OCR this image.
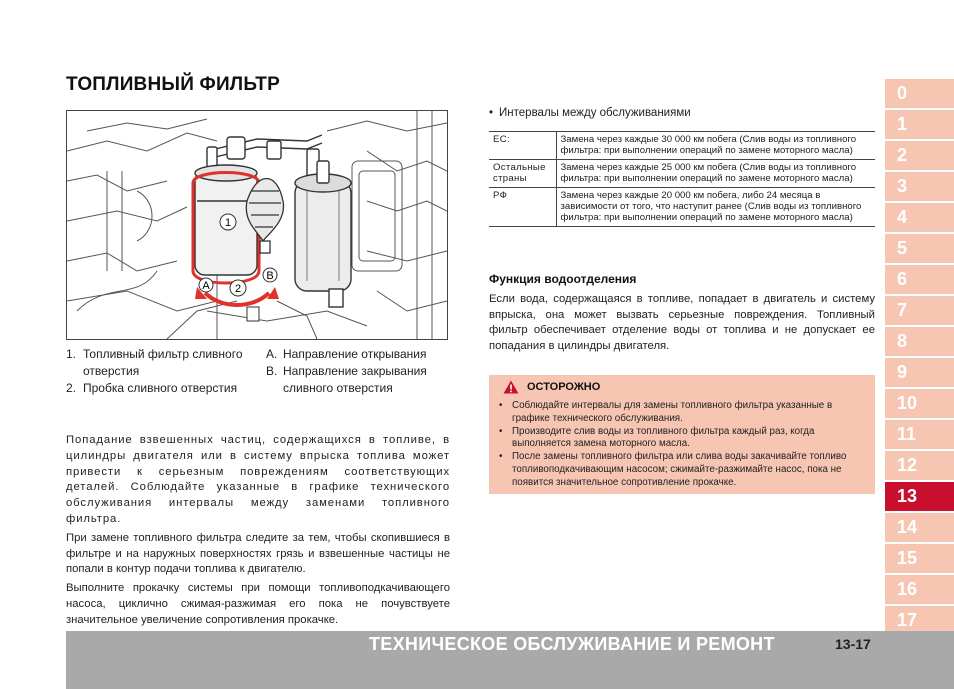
ТОПЛИВНЫЙ ФИЛЬТР
1
2
A
B
1. Топливный фильтр сливного отверстия
2. Пробка сливного отверстия
A. Направление открывания
B. Направление закрывания сливного отверстия

Попадание взвешенных частиц, содержащихся в топливе, в цилиндры двигателя или в систему впрыска топлива может привести к серьезным повреждениям соответствующих деталей. Соблюдайте указанные в графике технического обслуживания интервалы между заменами топливного фильтра.

При замене топливного фильтра следите за тем, чтобы скопившиеся в фильтре и на наружных поверхностях грязь и взвешенные частицы не попали в контур подачи топлива к двигателю.

Выполните прокачку системы при помощи топливоподкачивающего насоса, циклично сжимая-разжимая его пока не почувствуете значительное увеличение сопротивления прокачке.

• Интервалы между обслуживаниями
ЕС:	Замена через каждые 30 000 км побега (Слив воды из топливного фильтра: при выполнении операций по замене моторного масла)
Остальные страны	Замена через каждые 25 000 км побега (Слив воды из топливного фильтра: при выполнении операций по замене моторного масла)
РФ	Замена через каждые 20 000 км побега, либо 24 месяца в зависимости от того, что наступит ранее (Слив воды из топливного фильтра: при выполнении операций по замене моторного масла)
Функция водоотделения
Если вода, содержащаяся в топливе, попадает в двигатель и систему впрыска, она может вызвать серьезные повреждения. Топливный фильтр обеспечивает отделение воды от топлива и не допускает ее попадания в цилиндры двигателя.
ОСТОРОЖНО
• Соблюдайте интервалы для замены топливного фильтра указанные в графике технического обслуживания.
• Производите слив воды из топливного фильтра каждый раз, когда выполняется замена моторного масла.
• После замены топливного фильтра или слива воды закачивайте топливо топливоподкачивающим насосом; сжимайте-разжимайте насос, пока не появится значительное сопротивление прокачке.
0
1
2
3
4
5
6
7
8
9
10
11
12
13
14
15
16
17
ТЕХНИЧЕСКОЕ ОБСЛУЖИВАНИЕ И РЕМОНТ	13-17
